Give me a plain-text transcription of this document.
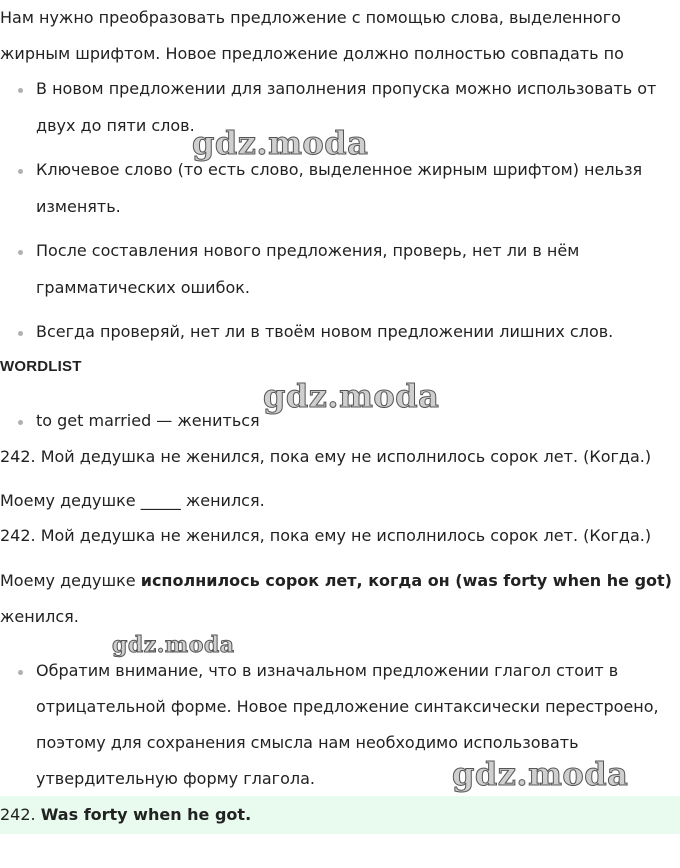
Нам нужно преобразовать предложение с помощью слова, выделенного
жирным шрифтом. Новое предложение должно полностью совпадать по
В новом предложении для заполнения пропуска можно использовать от
двух до пяти слов.
Ключевое слово (то есть слово, выделенное жирным шрифтом) нельзя
изменять.
После составления нового предложения, проверь, нет ли в нём
грамматических ошибок.
Всегда проверяй, нет ли в твоём новом предложении лишних слов.
WORDLIST
to get married — жениться
242. Мой дедушка не женился, пока ему не исполнилось сорок лет. (Когда.)
Моему дедушке _____ женился.
242. Мой дедушка не женился, пока ему не исполнилось сорок лет. (Когда.)
Моему дедушке исполнилось сорок лет, когда он (was forty when he got)
женился.
Обратим внимание, что в изначальном предложении глагол стоит в
отрицательной форме. Новое предложение синтаксически перестроено,
поэтому для сохранения смысла нам необходимо использовать
утвердительную форму глагола.
242. Was forty when he got.
gdz.moda
gdz.moda
gdz.moda
gdz.moda
